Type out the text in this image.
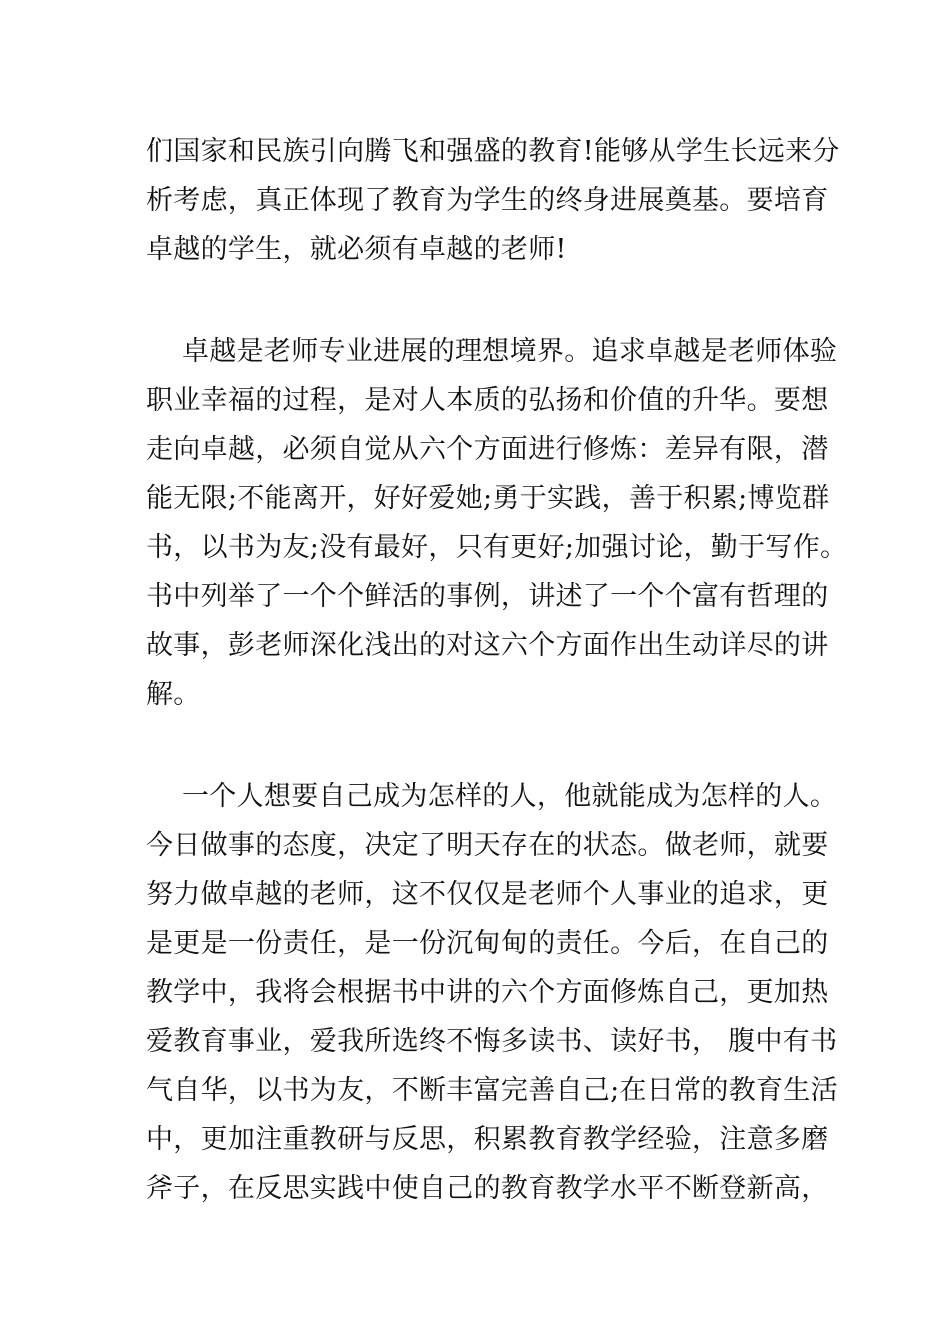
们国家和民族引向腾飞和强盛的教育!能够从学生长远来分
析考虑，真正体现了教育为学生的终身进展奠基。要培育
卓越的学生，就必须有卓越的老师!
卓越是老师专业进展的理想境界。追求卓越是老师体验
职业幸福的过程，是对人本质的弘扬和价值的升华。要想
走向卓越，必须自觉从六个方面进行修炼：差异有限，潜
能无限;不能离开，好好爱她;勇于实践，善于积累;博览群
书，以书为友;没有最好，只有更好;加强讨论，勤于写作。
书中列举了一个个鲜活的事例，讲述了一个个富有哲理的
故事，彭老师深化浅出的对这六个方面作出生动详尽的讲
解。
一个人想要自己成为怎样的人，他就能成为怎样的人。
今日做事的态度，决定了明天存在的状态。做老师，就要
努力做卓越的老师，这不仅仅是老师个人事业的追求，更
是更是一份责任，是一份沉甸甸的责任。今后，在自己的
教学中，我将会根据书中讲的六个方面修炼自己，更加热
爱教育事业，爱我所选终不悔多读书、读好书， 腹中有书
气自华，以书为友，不断丰富完善自己;在日常的教育生活
中，更加注重教研与反思，积累教育教学经验，注意多磨
斧子，在反思实践中使自己的教育教学水平不断登新高，
